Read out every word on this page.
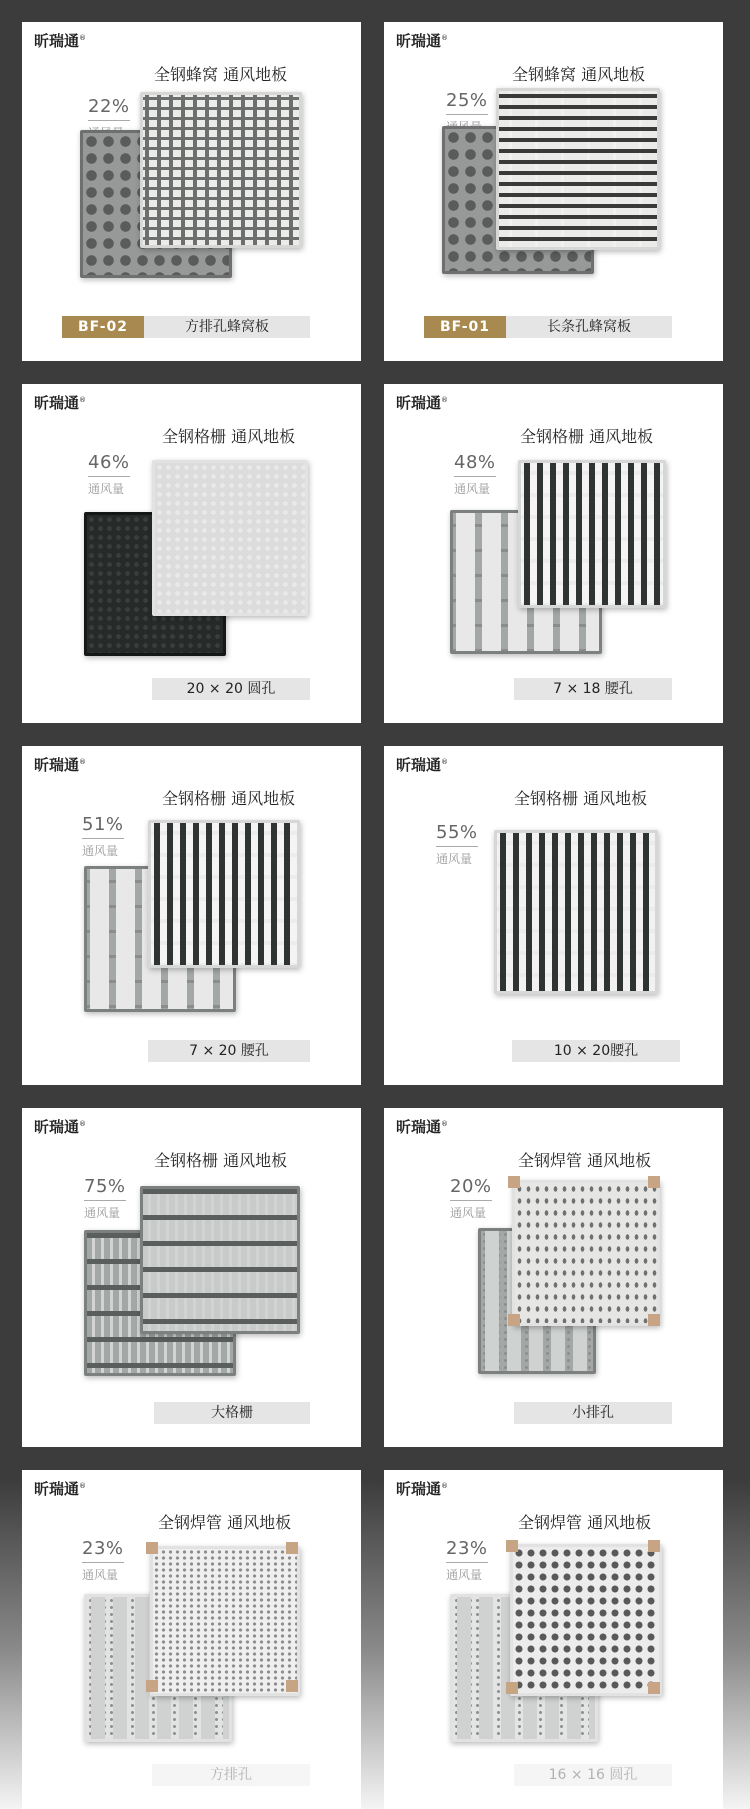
昕瑞通®
全钢蜂窝 通风地板
22%
BF-02	方排孔蜂窝板
昕瑞通®
全钢蜂窝 通风地板
25%
BF-01	长条孔蜂窝板
昕瑞通®
全钢格栅 通风地板
46%
通风量
20 × 20 圆孔
昕瑞通®
全钢格栅 通风地板
48%
通风量
7 × 18 腰孔
昕瑞通®
全钢格栅 通风地板
51%
通风量
7 × 20 腰孔
昕瑞通®
全钢格栅 通风地板
55%
通风量
10 × 20腰孔
昕瑞通®
全钢格栅 通风地板
75%
通风量
大格栅
昕瑞通®
全钢焊管 通风地板
20%
通风量
小排孔
昕瑞通®
全钢焊管 通风地板
23%
通风量
方排孔
昕瑞通®
全钢焊管 通风地板
23%
通风量
16 × 16 圆孔
